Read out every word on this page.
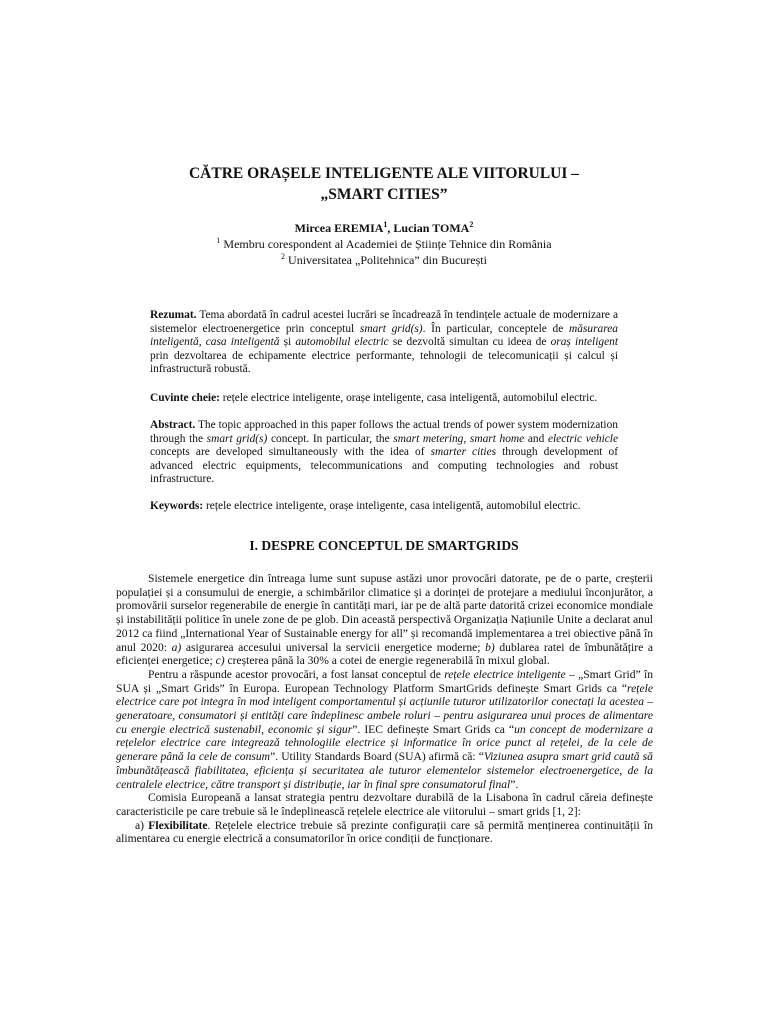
CĂTRE ORAȘELE INTELIGENTE ALE VIITORULUI –
„SMART CITIES”
Mircea EREMIA$^1$, Lucian TOMA$^2$
$^1$ Membru corespondent al Academiei de Științe Tehnice din România
$^2$ Universitatea „Politehnica” din București
Rezumat. Tema abordată în cadrul acestei lucrări se încadrează în tendințele actuale de modernizare a sistemelor electroenergetice prin conceptul smart grid(s). În particular, conceptele de măsurarea inteligentă, casa inteligentă și automobilul electric se dezvoltă simultan cu ideea de oraș inteligent prin dezvoltarea de echipamente electrice performante, tehnologii de telecomunicații și calcul și infrastructură robustă.
Cuvinte cheie: rețele electrice inteligente, orașe inteligente, casa inteligentă, automobilul electric.
Abstract. The topic approached in this paper follows the actual trends of power system modernization through the smart grid(s) concept. In particular, the smart metering, smart home and electric vehicle concepts are developed simultaneously with the idea of smarter cities through development of advanced electric equipments, telecommunications and computing technologies and robust infrastructure.
Keywords: rețele electrice inteligente, orașe inteligente, casa inteligentă, automobilul electric.
I. DESPRE CONCEPTUL DE SMARTGRIDS

Sistemele energetice din întreaga lume sunt supuse astăzi unor provocări datorate, pe de o parte, creșterii populației și a consumului de energie, a schimbărilor climatice și a dorinței de protejare a mediului înconjurător, a promovării surselor regenerabile de energie în cantități mari, iar pe de altă parte datorită crizei economice mondiale și instabilității politice în unele zone de pe glob. Din această perspectivă Organizația Națiunile Unite a declarat anul 2012 ca fiind „International Year of Sustainable energy for all” și recomandă implementarea a trei obiective până în anul 2020: a) asigurarea accesului universal la servicii energetice moderne; b) dublarea ratei de îmbunătățire a eficienței energetice; c) creșterea până la 30% a cotei de energie regenerabilă în mixul global.

Pentru a răspunde acestor provocări, a fost lansat conceptul de rețele electrice inteligente – „Smart Grid” în SUA și „Smart Grids” în Europa. European Technology Platform SmartGrids definește Smart Grids ca “rețele electrice care pot integra în mod inteligent comportamentul și acțiunile tuturor utilizatorilor conectați la acestea – generatoare, consumatori și entități care îndeplinesc ambele roluri – pentru asigurarea unui proces de alimentare cu energie electrică sustenabil, economic și sigur”. IEC definește Smart Grids ca “un concept de modernizare a rețelelor electrice care integrează tehnologiile electrice și informatice în orice punct al rețelei, de la cele de generare până la cele de consum”. Utility Standards Board (SUA) afirmă că: “Viziunea asupra smart grid caută să îmbunătățească fiabilitatea, eficiența și securitatea ale tuturor elementelor sistemelor electroenergetice, de la centralele electrice, către transport și distribuție, iar în final spre consumatorul final”.

Comisia Europeană a lansat strategia pentru dezvoltare durabilă de la Lisabona în cadrul căreia definește caracteristicile pe care trebuie să le îndeplinească rețelele electrice ale viitorului – smart grids [1, 2]:

a) Flexibilitate. Rețelele electrice trebuie să prezinte configurații care să permită menținerea continuității în alimentarea cu energie electrică a consumatorilor în orice condiții de funcționare.
